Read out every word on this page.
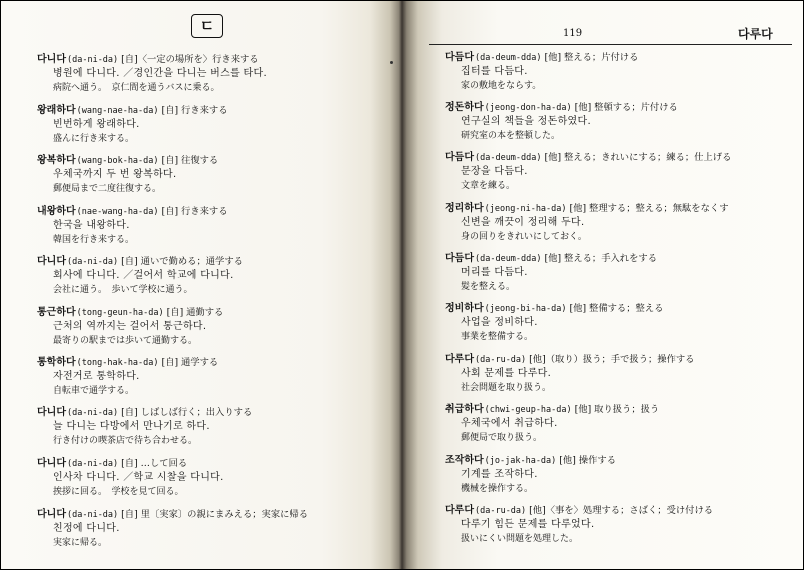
ㄷ
다니다(da-ni-da) [自]〈一定の場所を〉行き来する
병원에 다니다. ／경인간을 다니는 버스를 타다.
病院へ通う。　京仁間を通うバスに乗る。
왕래하다(wang-nae-ha-da) [自] 行き来する
빈번하게 왕래하다.
盛んに行き来する。
왕복하다(wang-bok-ha-da) [自] 往復する
우체국까지 두 번 왕복하다.
郵便局まで二度往復する。
내왕하다(nae-wang-ha-da) [自] 行き来する
한국을 내왕하다.
韓国を行き来する。
다니다(da-ni-da) [自] 通いで勤める；通学する
회사에 다니다. ／걸어서 학교에 다니다.
会社に通う。　歩いて学校に通う。
통근하다(tong-geun-ha-da) [自] 通勤する
근처의 역까지는 걸어서 통근하다.
最寄りの駅までは歩いて通勤する。
통학하다(tong-hak-ha-da) [自] 通学する
자전거로 통학하다.
自転車で通学する。
다니다(da-ni-da) [自] しばしば行く；出入りする
늘 다니는 다방에서 만나기로 하다.
行き付けの喫茶店で待ち合わせる。
다니다(da-ni-da) [自] …して回る
인사차 다니다. ／학교 시찰을 다니다.
挨拶に回る。　学校を見て回る。
다니다(da-ni-da) [自] 里〔実家〕の親にまみえる；実家に帰る
친정에 다니다.
実家に帰る。
119	다루다
다듬다(da-deum-dda) [他] 整える；片付ける
집터를 다듬다.
家の敷地をならす。
정돈하다(jeong-don-ha-da) [他] 整頓する；片付ける
연구실의 책들을 정돈하였다.
研究室の本を整頓した。
다듬다(da-deum-dda) [他] 整える；きれいにする；練る；仕上げる
문장을 다듬다.
文章を練る。
정리하다(jeong-ni-ha-da) [他] 整理する；整える；無駄をなくす
신변을 깨끗이 정리해 두다.
身の回りをきれいにしておく。
다듬다(da-deum-dda) [他] 整える；手入れをする
머리를 다듬다.
髪を整える。
정비하다(jeong-bi-ha-da) [他] 整備する；整える
사업을 정비하다.
事業を整備する。
다루다(da-ru-da) [他]（取り）扱う；手で扱う；操作する
사회 문제를 다루다.
社会問題を取り扱う。
취급하다(chwi-geup-ha-da) [他] 取り扱う；扱う
우체국에서 취급하다.
郵便局で取り扱う。
조작하다(jo-jak-ha-da) [他] 操作する
기계를 조작하다.
機械を操作する。
다루다(da-ru-da) [他]〈事を〉処理する；さばく；受け付ける
다루기 힘든 문제를 다루었다.
扱いにくい問題を処理した。
